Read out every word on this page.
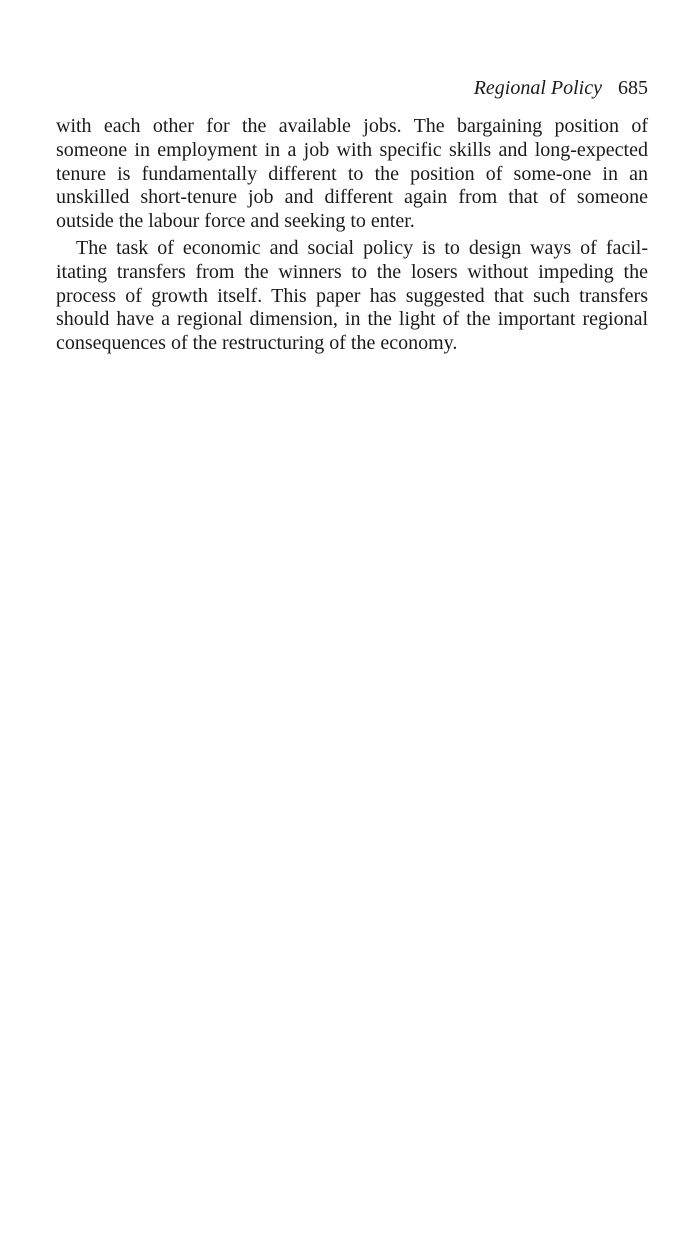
Regional Policy 685

with each other for the available jobs. The bargaining position of someone in employment in a job with specific skills and long-expected tenure is fundamentally different to the position of some-one in an unskilled short-tenure job and different again from that of someone outside the labour force and seeking to enter.

The task of economic and social policy is to design ways of facil-itating transfers from the winners to the losers without impeding the process of growth itself. This paper has suggested that such transfers should have a regional dimension, in the light of the important regional consequences of the restructuring of the economy.
